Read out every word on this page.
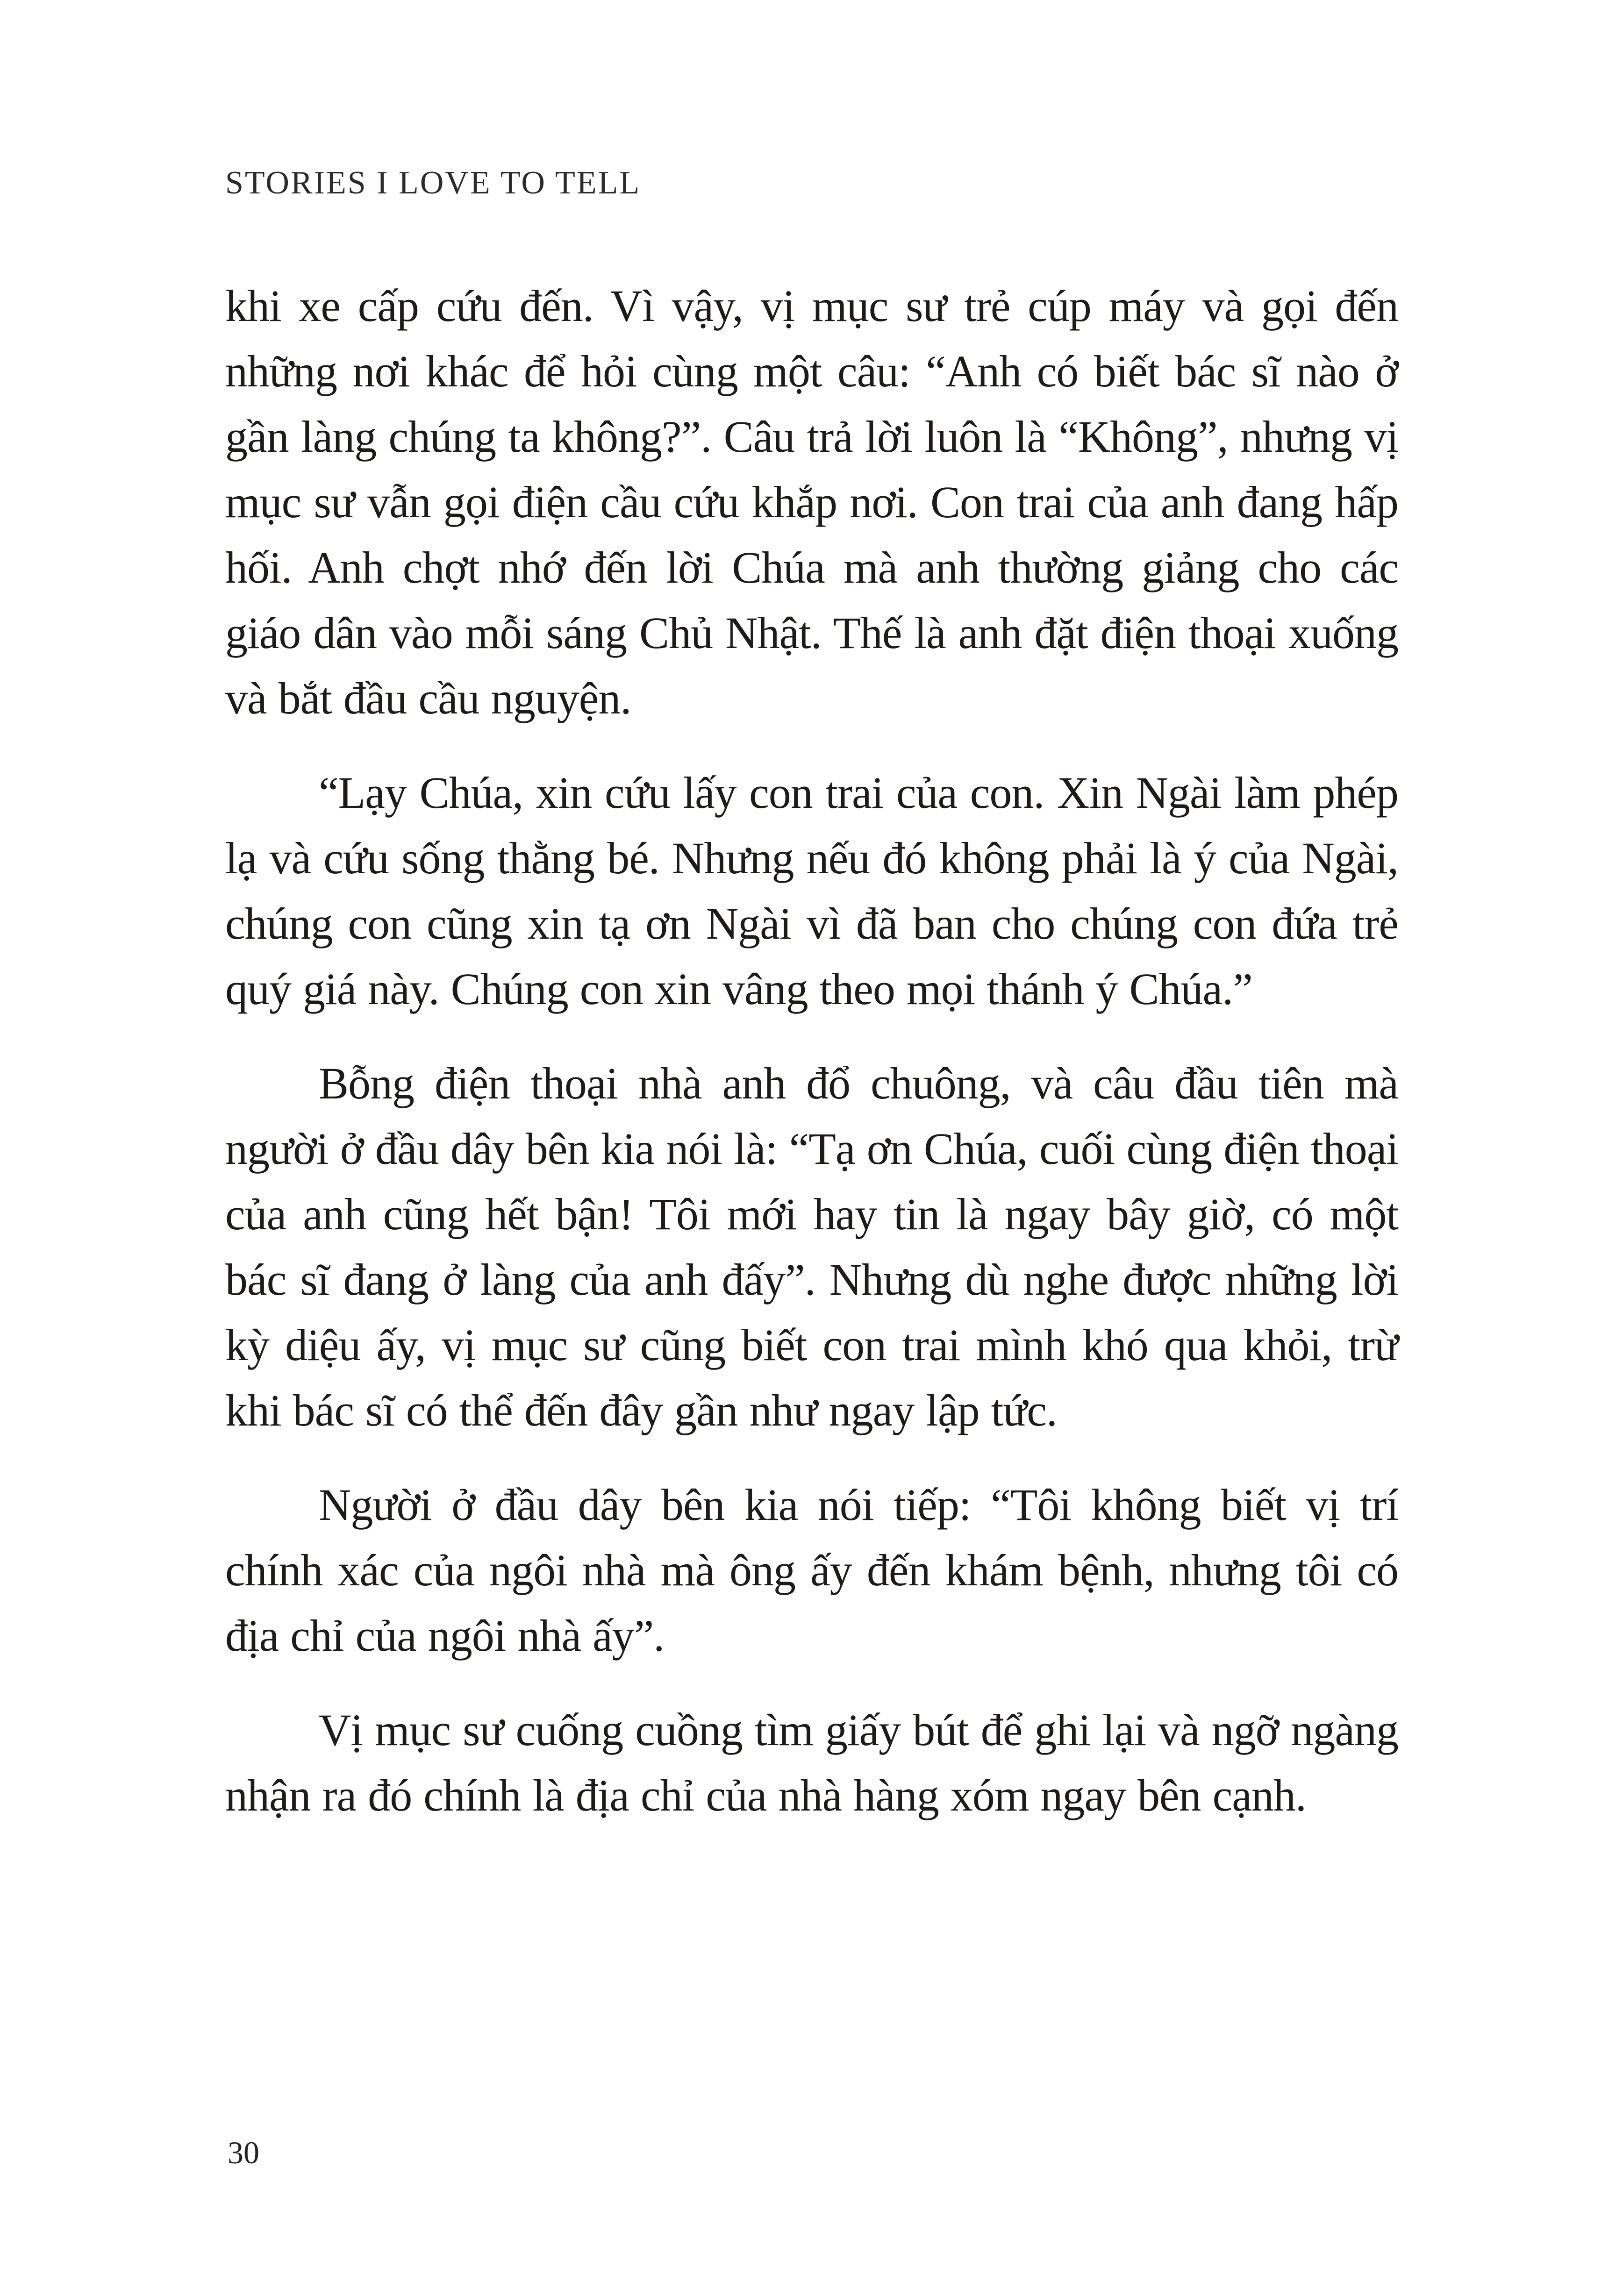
STORIES I LOVE TO TELL

khi xe cấp cứu đến. Vì vậy, vị mục sư trẻ cúp máy và gọi đến những nơi khác để hỏi cùng một câu: “Anh có biết bác sĩ nào ở gần làng chúng ta không?”. Câu trả lời luôn là “Không”, nhưng vị mục sư vẫn gọi điện cầu cứu khắp nơi. Con trai của anh đang hấp hối. Anh chợt nhớ đến lời Chúa mà anh thường giảng cho các giáo dân vào mỗi sáng Chủ Nhật. Thế là anh đặt điện thoại xuống và bắt đầu cầu nguyện.

“Lạy Chúa, xin cứu lấy con trai của con. Xin Ngài làm phép lạ và cứu sống thằng bé. Nhưng nếu đó không phải là ý của Ngài, chúng con cũng xin tạ ơn Ngài vì đã ban cho chúng con đứa trẻ quý giá này. Chúng con xin vâng theo mọi thánh ý Chúa.”

Bỗng điện thoại nhà anh đổ chuông, và câu đầu tiên mà người ở đầu dây bên kia nói là: “Tạ ơn Chúa, cuối cùng điện thoại của anh cũng hết bận! Tôi mới hay tin là ngay bây giờ, có một bác sĩ đang ở làng của anh đấy”. Nhưng dù nghe được những lời kỳ diệu ấy, vị mục sư cũng biết con trai mình khó qua khỏi, trừ khi bác sĩ có thể đến đây gần như ngay lập tức.

Người ở đầu dây bên kia nói tiếp: “Tôi không biết vị trí chính xác của ngôi nhà mà ông ấy đến khám bệnh, nhưng tôi có địa chỉ của ngôi nhà ấy”.

Vị mục sư cuống cuồng tìm giấy bút để ghi lại và ngỡ ngàng nhận ra đó chính là địa chỉ của nhà hàng xóm ngay bên cạnh.

30
